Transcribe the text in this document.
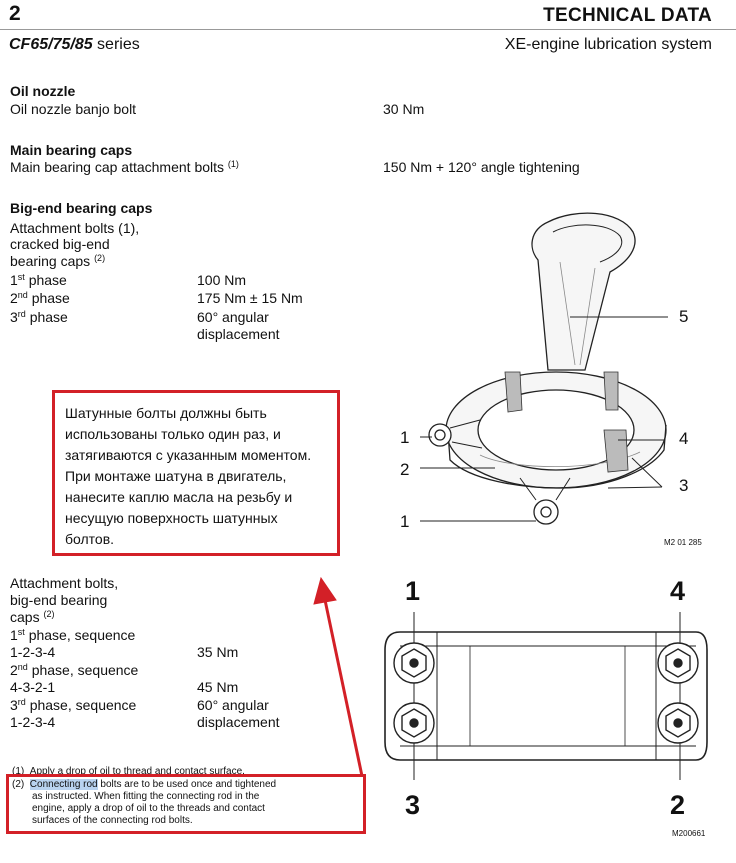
2	TECHNICAL DATA
CF65/75/85 series	XE-engine lubrication system
Oil nozzle
Oil nozzle banjo bolt	30 Nm
Main bearing caps
Main bearing cap attachment bolts $^{(1)}$	150 Nm + 120° angle tightening
Big-end bearing caps
Attachment bolts (1),
cracked big-end
bearing caps $^{(2)}$
1st phase	100 Nm
2nd phase	175 Nm ± 15 Nm
3rd phase	60° angular
displacement
Шатунные болты должны быть использованы только один раз, и затягиваются с указанным моментом. При монтаже шатуна в двигатель, нанесите каплю масла на резьбу и несущую поверхность шатунных болтов.
5
1
2
1
4
3
M2 01 285
1	4
3	2
M200661
Attachment bolts,
big-end bearing
caps $^{(2)}$
1st phase, sequence
1-2-3-4	35 Nm
2nd phase, sequence
4-3-2-1	45 Nm
3rd phase, sequence	60° angular
1-2-3-4	displacement
(1) Apply a drop of oil to thread and contact surface.
(2) Connecting rod bolts are to be used once and tightened
as instructed. When fitting the connecting rod in the
engine, apply a drop of oil to the threads and contact
surfaces of the connecting rod bolts.
